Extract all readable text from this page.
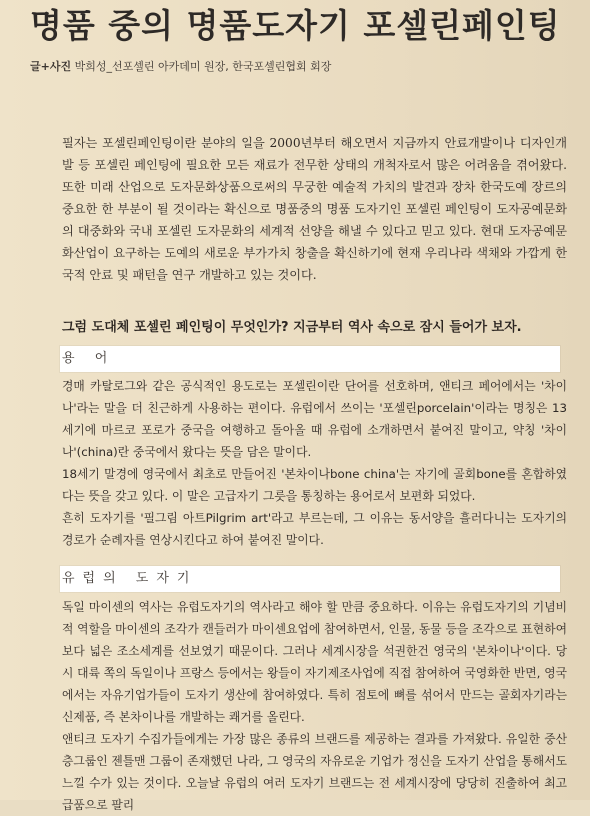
명품 중의 명품도자기 포셀린페인팅
글+사진 박희성_선포셀린 아카데미 원장, 한국포셀린협회 회장
필자는 포셀린페인팅이란 분야의 일을 2000년부터 해오면서 지금까지 안료개발이나 디자인개발 등 포셀린 페인팅에 필요한 모든 재료가 전무한 상태의 개척자로서 많은 어려움을 겪어왔다. 또한 미래 산업으로 도자문화상품으로써의 무궁한 예술적 가치의 발견과 장차 한국도예 장르의 중요한 한 부분이 될 것이라는 확신으로 명품중의 명품 도자기인 포셀린 페인팅이 도자공예문화의 대중화와 국내 포셀린 도자문화의 세계적 선양을 해낼 수 있다고 믿고 있다. 현대 도자공예문화산업이 요구하는 도예의 새로운 부가가치 창출을 확신하기에 현재 우리나라 색채와 가깝게 한국적 안료 및 패턴을 연구 개발하고 있는 것이다.
그럼 도대체 포셀린 페인팅이 무엇인가? 지금부터 역사 속으로 잠시 들어가 보자.
용 어

경매 카탈로그와 같은 공식적인 용도로는 포셀린이란 단어를 선호하며, 앤티크 페어에서는 '차이나'라는 말을 더 친근하게 사용하는 편이다. 유럽에서 쓰이는 '포셀린porcelain'이라는 명칭은 13세기에 마르코 포로가 중국을 여행하고 돌아올 때 유럽에 소개하면서 붙여진 말이고, 약칭 '차이나'(china)란 중국에서 왔다는 뜻을 담은 말이다.

18세기 말경에 영국에서 최초로 만들어진 '본차이나bone china'는 자기에 골회bone를 혼합하였다는 뜻을 갖고 있다. 이 말은 고급자기 그릇을 통칭하는 용어로서 보편화 되었다.

흔히 도자기를 '필그림 아트Pilgrim art'라고 부르는데, 그 이유는 동서양을 흘러다니는 도자기의 경로가 순례자를 연상시킨다고 하여 붙여진 말이다.

유럽의 도자기

독일 마이센의 역사는 유럽도자기의 역사라고 해야 할 만큼 중요하다. 이유는 유럽도자기의 기념비적 역할을 마이센의 조각가 캔들러가 마이센요업에 참여하면서, 인물, 동물 등을 조각으로 표현하여 보다 넓은 조소세계를 선보였기 때문이다. 그러나 세계시장을 석권한건 영국의 '본차이나'이다. 당시 대륙 쪽의 독일이나 프랑스 등에서는 왕들이 자기제조사업에 직접 참여하여 국영화한 반면, 영국에서는 자유기업가들이 도자기 생산에 참여하였다. 특히 점토에 뼈를 섞어서 만드는 골회자기라는 신제품, 즉 본차이나를 개발하는 쾌거를 올린다.

앤티크 도자기 수집가들에게는 가장 많은 종류의 브랜드를 제공하는 결과를 가져왔다. 유일한 중산층그룹인 젠틀맨 그룹이 존재했던 나라, 그 영국의 자유로운 기업가 정신을 도자기 산업을 통해서도 느낄 수가 있는 것이다. 오늘날 유럽의 여러 도자기 브랜드는 전 세계시장에 당당히 진출하여 최고급품으로 팔리
